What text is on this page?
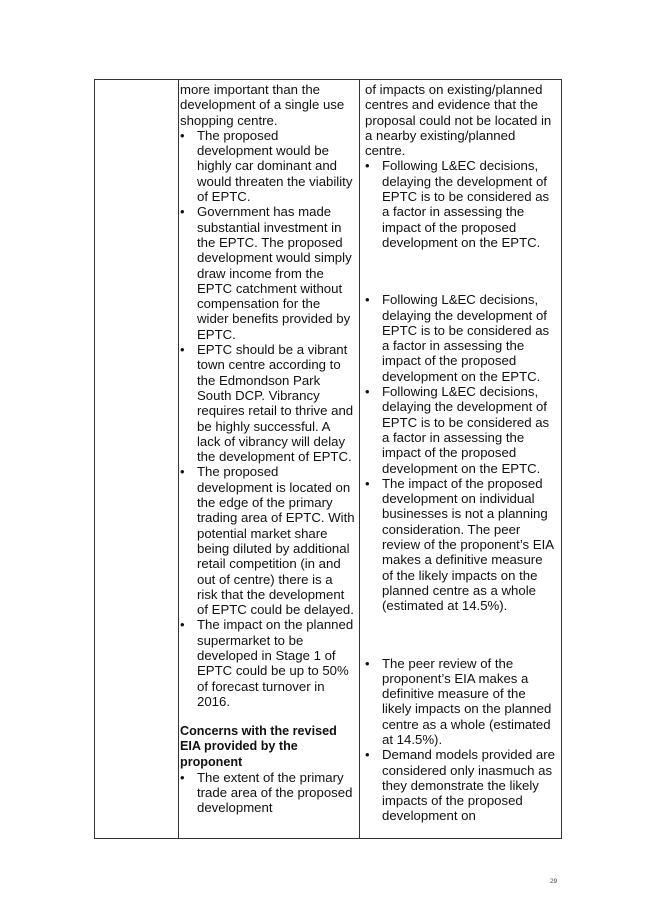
more important than the development of a single use shopping centre.

• The proposed development would be highly car dominant and would threaten the viability of EPTC.
• Government has made substantial investment in the EPTC. The proposed development would simply draw income from the EPTC catchment without compensation for the wider benefits provided by EPTC.
• EPTC should be a vibrant town centre according to the Edmondson Park South DCP. Vibrancy requires retail to thrive and be highly successful. A lack of vibrancy will delay the development of EPTC.
• The proposed development is located on the edge of the primary trading area of EPTC. With potential market share being diluted by additional retail competition (in and out of centre) there is a risk that the development of EPTC could be delayed.
• The impact on the planned supermarket to be developed in Stage 1 of EPTC could be up to 50% of forecast turnover in 2016.

Concerns with the revised EIA provided by the proponent

• The extent of the primary trade area of the proposed development

of impacts on existing/planned centres and evidence that the proposal could not be located in a nearby existing/planned centre.

• Following L&EC decisions, delaying the development of EPTC is to be considered as a factor in assessing the impact of the proposed development on the EPTC.
• Following L&EC decisions, delaying the development of EPTC is to be considered as a factor in assessing the impact of the proposed development on the EPTC.
• Following L&EC decisions, delaying the development of EPTC is to be considered as a factor in assessing the impact of the proposed development on the EPTC.
• The impact of the proposed development on individual businesses is not a planning consideration. The peer review of the proponent’s EIA makes a definitive measure of the likely impacts on the planned centre as a whole (estimated at 14.5%).
• The peer review of the proponent’s EIA makes a definitive measure of the likely impacts on the planned centre as a whole (estimated at 14.5%).
• Demand models provided are considered only inasmuch as they demonstrate the likely impacts of the proposed development on
29
